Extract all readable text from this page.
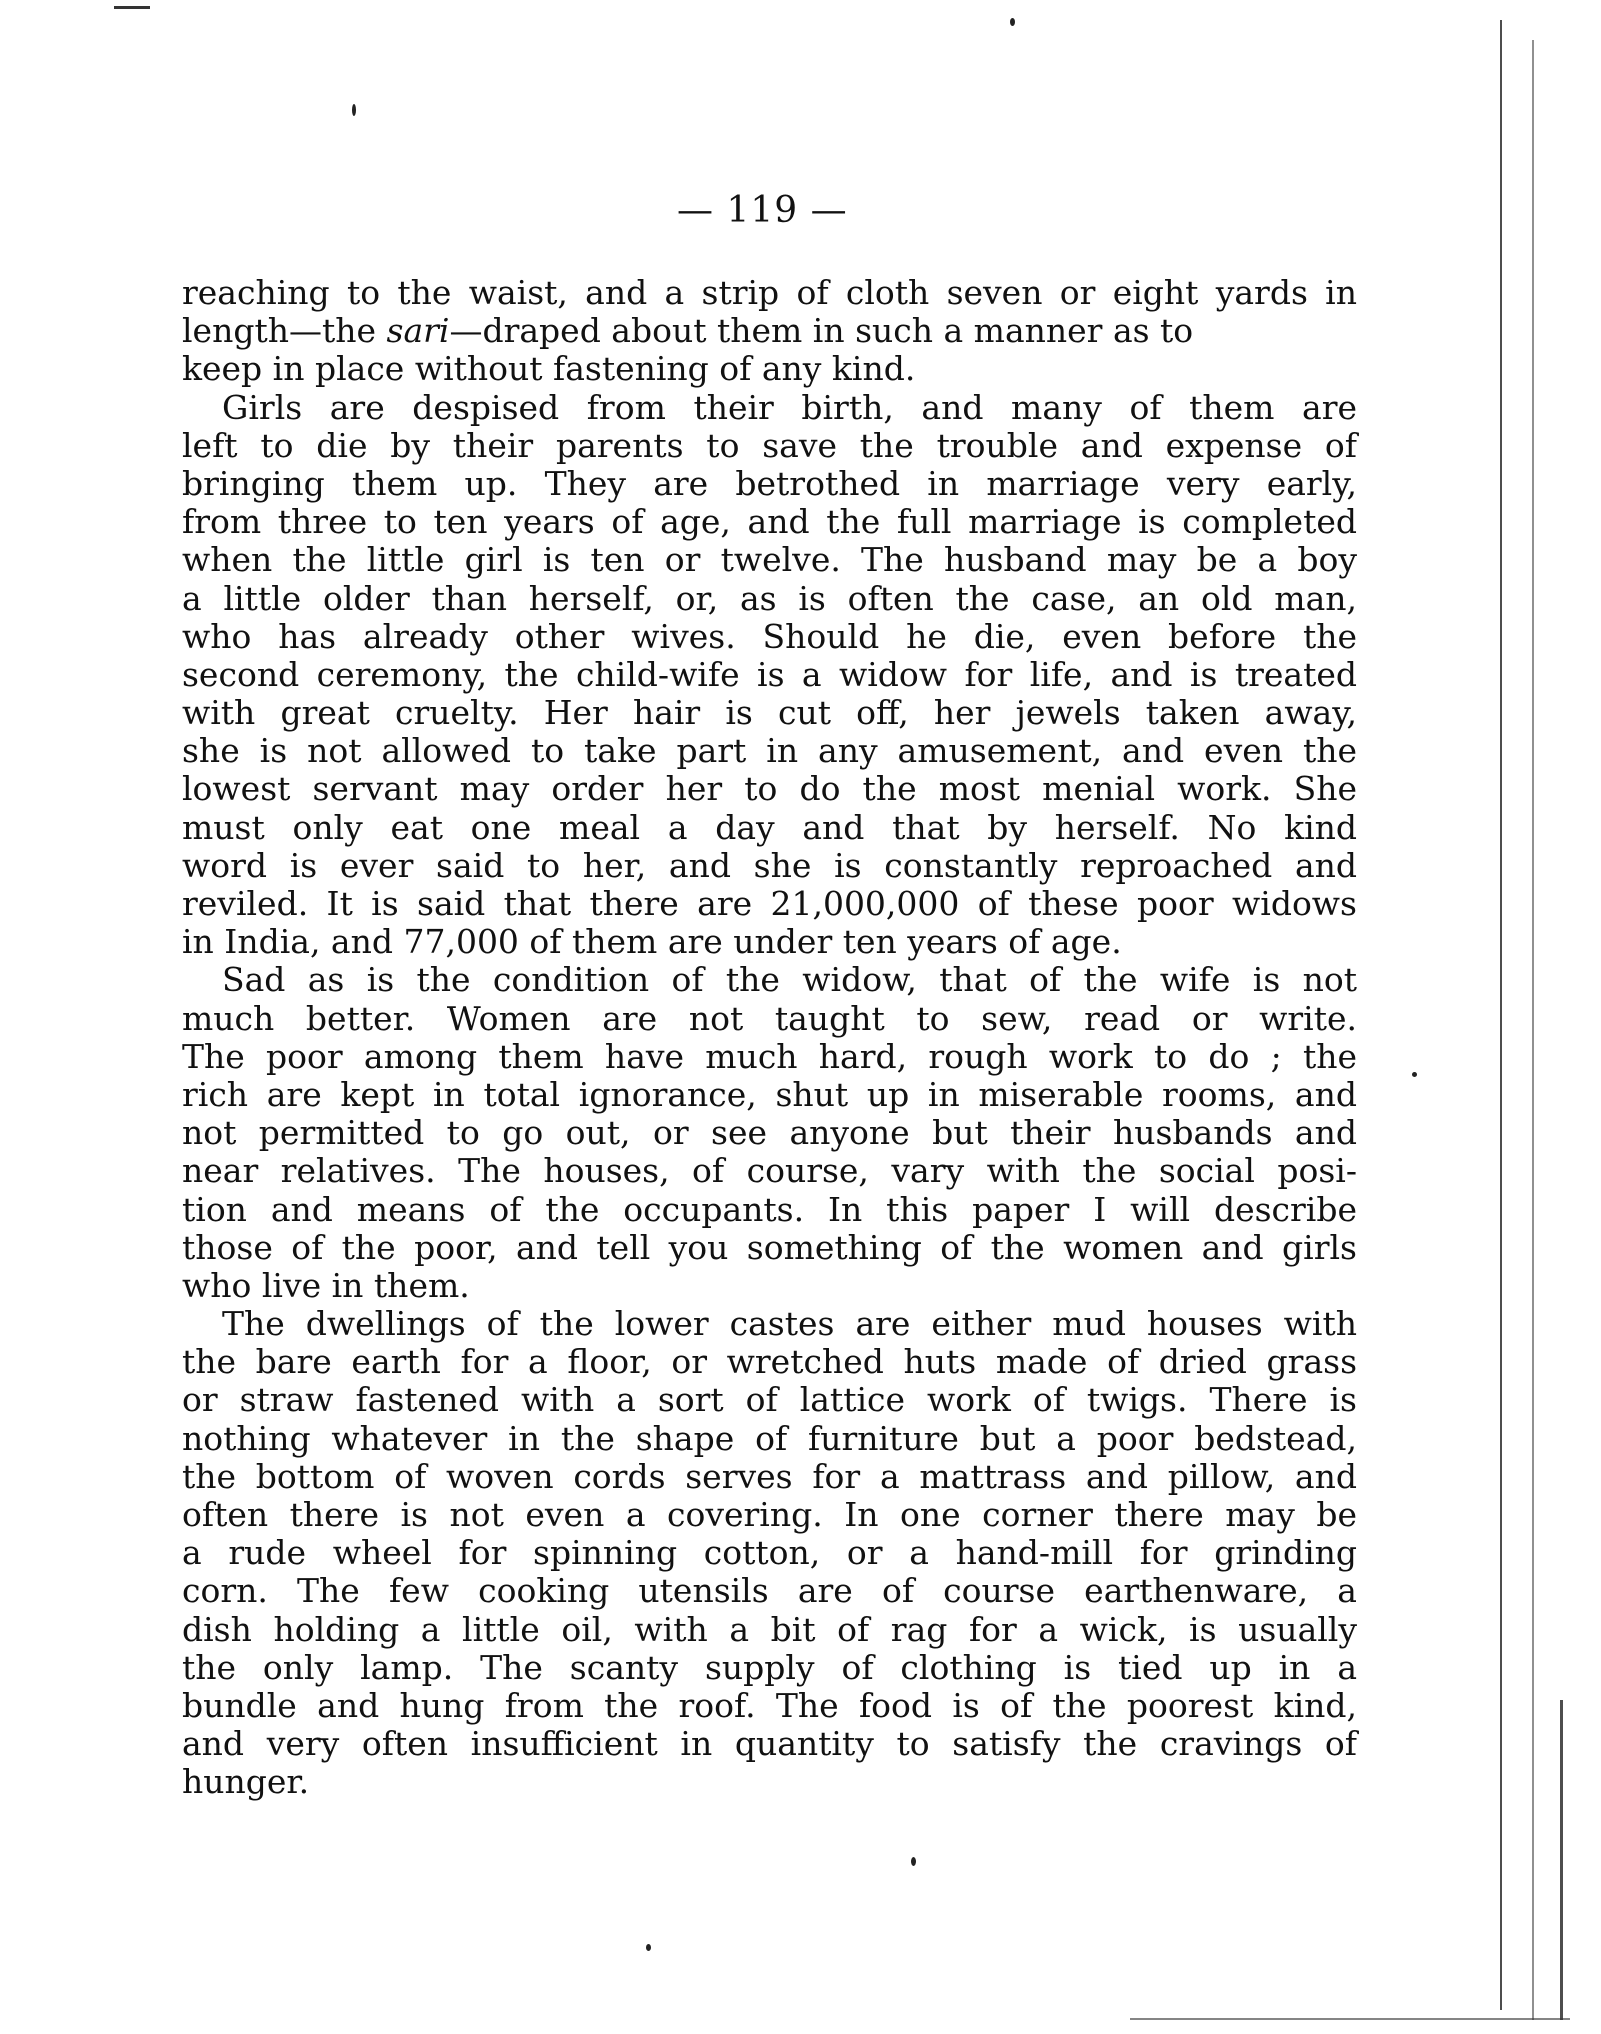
— 119 —
reaching to the waist, and a strip of cloth seven or eight yards in
length—the sari—draped about them in such a manner as to
keep in place without fastening of any kind.
Girls are despised from their birth, and many of them are
left to die by their parents to save the trouble and expense of
bringing them up. They are betrothed in marriage very early,
from three to ten years of age, and the full marriage is completed
when the little girl is ten or twelve. The husband may be a boy
a little older than herself, or, as is often the case, an old man,
who has already other wives. Should he die, even before the
second ceremony, the child-wife is a widow for life, and is treated
with great cruelty. Her hair is cut off, her jewels taken away,
she is not allowed to take part in any amusement, and even the
lowest servant may order her to do the most menial work. She
must only eat one meal a day and that by herself. No kind
word is ever said to her, and she is constantly reproached and
reviled. It is said that there are 21,000,000 of these poor widows
in India, and 77,000 of them are under ten years of age.
Sad as is the condition of the widow, that of the wife is not
much better. Women are not taught to sew, read or write.
The poor among them have much hard, rough work to do ; the
rich are kept in total ignorance, shut up in miserable rooms, and
not permitted to go out, or see anyone but their husbands and
near relatives. The houses, of course, vary with the social posi-
tion and means of the occupants. In this paper I will describe
those of the poor, and tell you something of the women and girls
who live in them.
The dwellings of the lower castes are either mud houses with
the bare earth for a floor, or wretched huts made of dried grass
or straw fastened with a sort of lattice work of twigs. There is
nothing whatever in the shape of furniture but a poor bedstead,
the bottom of woven cords serves for a mattrass and pillow, and
often there is not even a covering. In one corner there may be
a rude wheel for spinning cotton, or a hand-mill for grinding
corn. The few cooking utensils are of course earthenware, a
dish holding a little oil, with a bit of rag for a wick, is usually
the only lamp. The scanty supply of clothing is tied up in a
bundle and hung from the roof. The food is of the poorest kind,
and very often insufficient in quantity to satisfy the cravings of
hunger.
